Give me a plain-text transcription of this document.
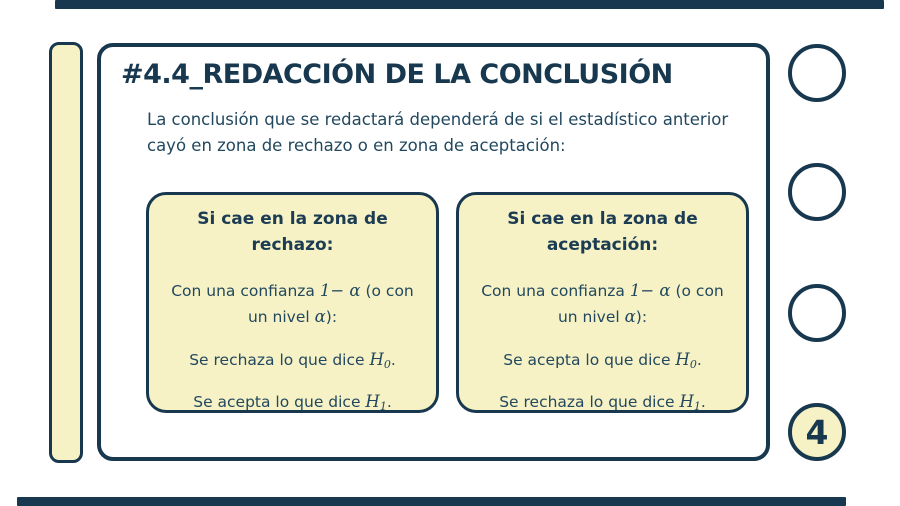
#4.4_REDACCIÓN DE LA CONCLUSIÓN

La conclusión que se redactará dependerá de si el estadístico anterior
cayó en zona de rechazo o en zona de aceptación:

Si cae en la zona de rechazo:

Con una confianza 1− α (o con un nivel α):

Se rechaza lo que dice H0.

Se acepta lo que dice H1.

Si cae en la zona de aceptación:

Con una confianza 1− α (o con un nivel α):

Se acepta lo que dice H0.

Se rechaza lo que dice H1.

4
